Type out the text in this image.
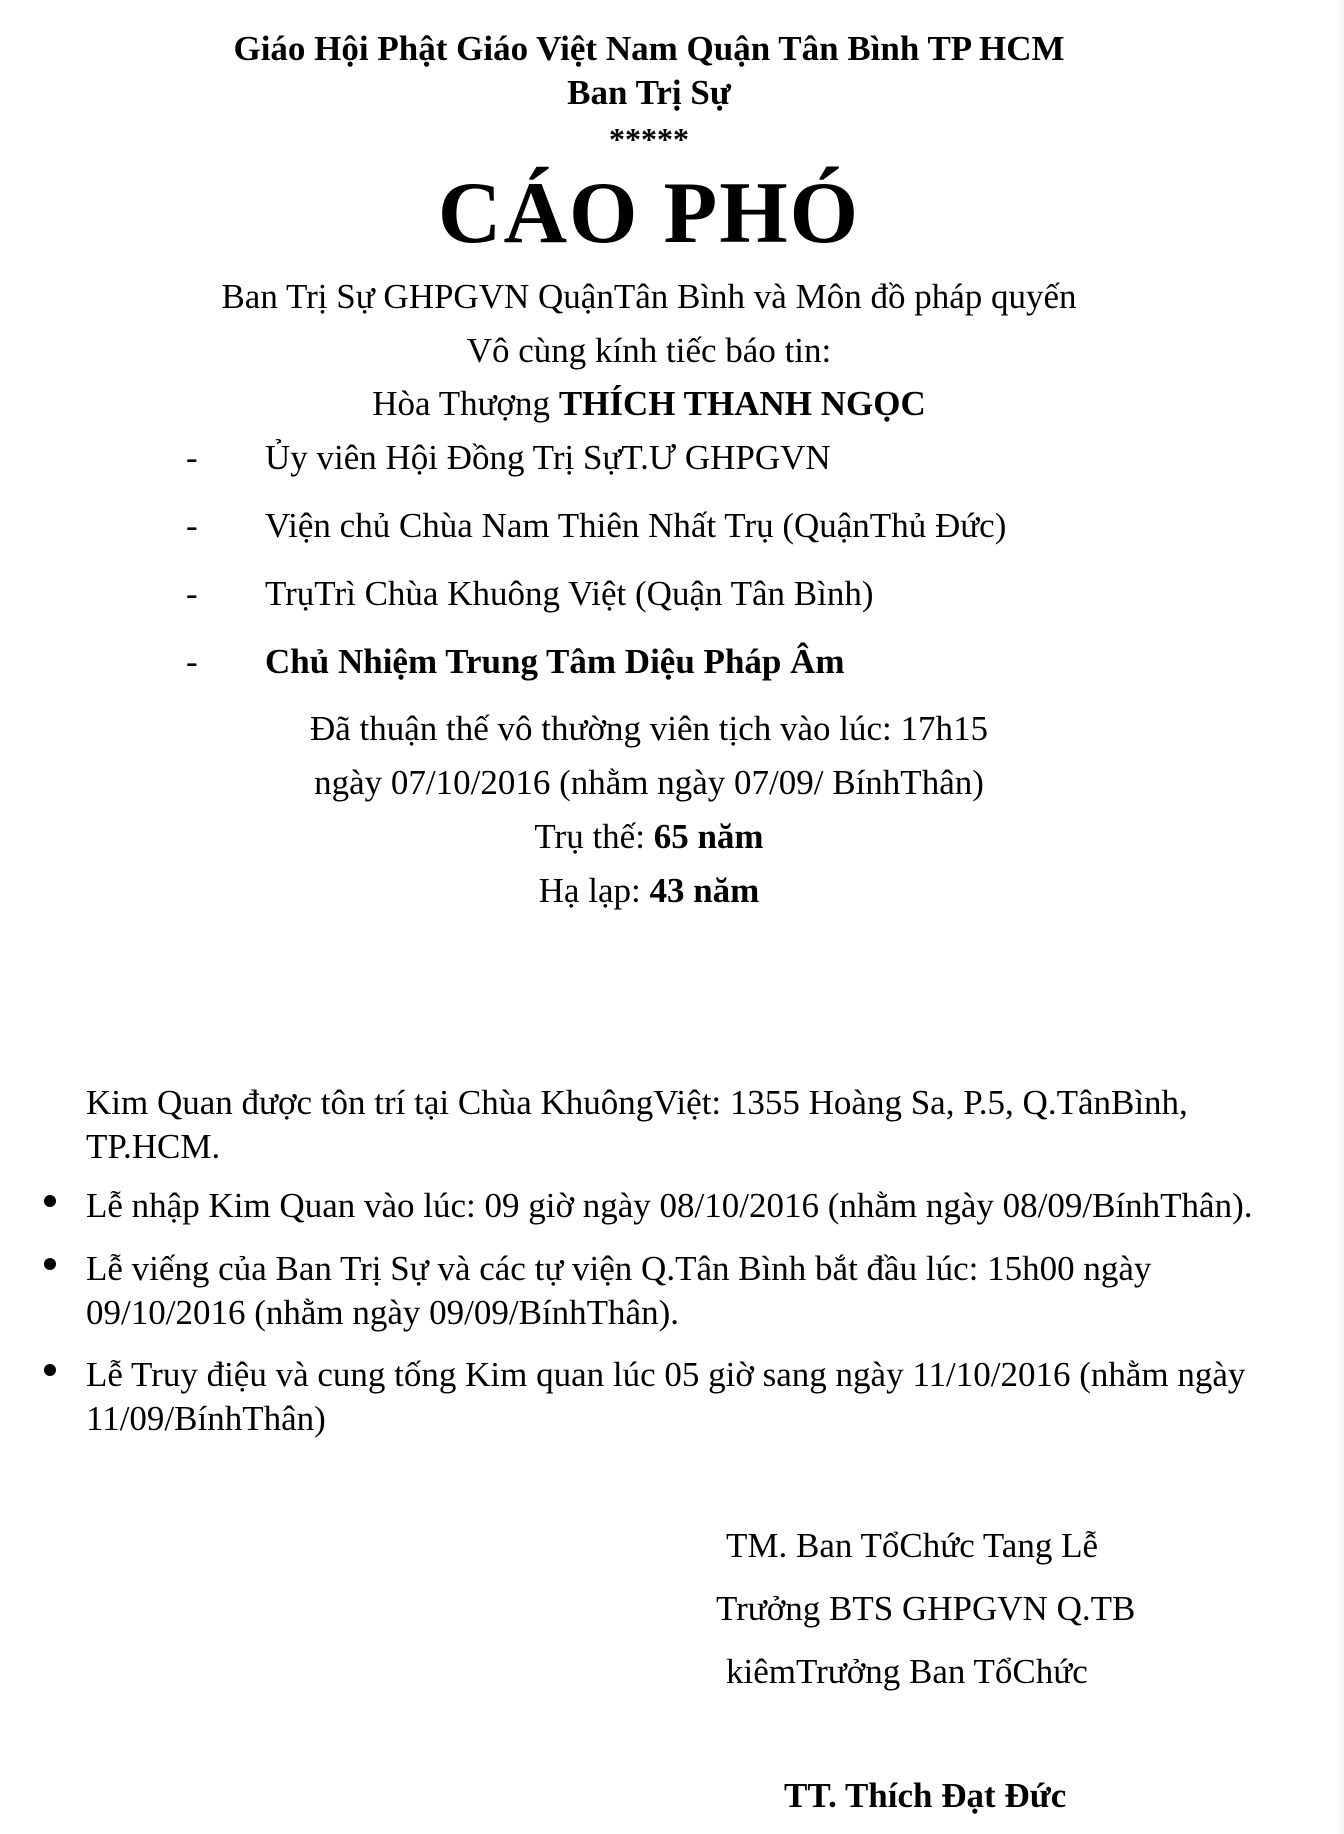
Giáo Hội Phật Giáo Việt Nam Quận Tân Bình TP HCM
Ban Trị Sự
*****
CÁO PHÓ
Ban Trị Sự GHPGVN QuậnTân Bình và Môn đồ pháp quyến
Vô cùng kính tiếc báo tin:
Hòa Thượng THÍCH THANH NGỌC
- Ủy viên Hội Đồng Trị SựT.Ư GHPGVN
- Viện chủ Chùa Nam Thiên Nhất Trụ (QuậnThủ Đức)
- TrụTrì Chùa Khuông Việt (Quận Tân Bình)
- Chủ Nhiệm Trung Tâm Diệu Pháp Âm
Đã thuận thế vô thường viên tịch vào lúc: 17h15
ngày 07/10/2016 (nhằm ngày 07/09/ BínhThân)
Trụ thế: 65 năm
Hạ lạp: 43 năm
Kim Quan được tôn trí tại Chùa KhuôngViệt: 1355 Hoàng Sa, P.5, Q.TânBình, TP.HCM.
Lễ nhập Kim Quan vào lúc: 09 giờ ngày 08/10/2016 (nhằm ngày 08/09/BínhThân).
Lễ viếng của Ban Trị Sự và các tự viện Q.Tân Bình bắt đầu lúc: 15h00 ngày 09/10/2016 (nhằm ngày 09/09/BínhThân).
Lễ Truy điệu và cung tống Kim quan lúc 05 giờ sang ngày 11/10/2016 (nhằm ngày 11/09/BínhThân)
TM. Ban TổChức Tang Lễ
Trưởng BTS GHPGVN Q.TB
kiêmTrưởng Ban TổChức
TT. Thích Đạt Đức
